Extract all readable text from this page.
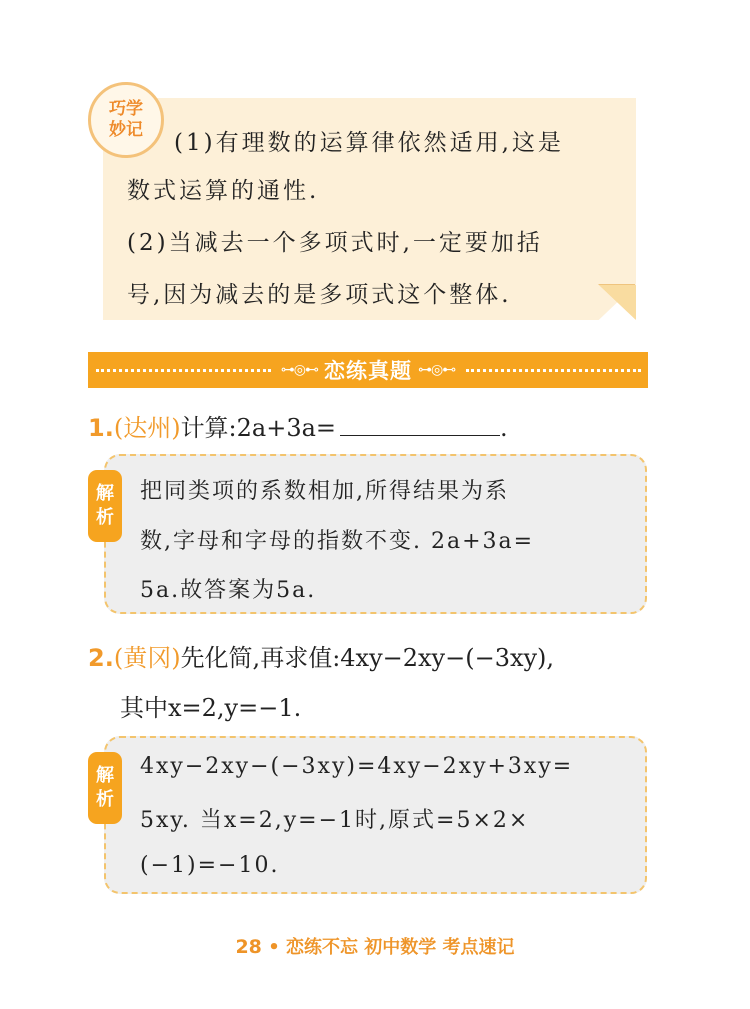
巧学
妙记 (1)有理数的运算律依然适用,这是
数式运算的通性.
(2)当减去一个多项式时,一定要加括
号,因为减去的是多项式这个整体.
⊶◎⊷ 恋练真题 ⊶◎⊷
1.(达州)计算:2a+3a=	.
解
析
把同类项的系数相加,所得结果为系
数,字母和字母的指数不变. 2a+3a=
5a.故答案为5a.
2.(黄冈)先化简,再求值:4xy−2xy−(−3xy),
其中x=2,y=−1.
解
析
4xy−2xy−(−3xy)=4xy−2xy+3xy=
5xy. 当x=2,y=−1时,原式=5×2×
(−1)=−10.
28 • 恋练不忘 初中数学 考点速记
